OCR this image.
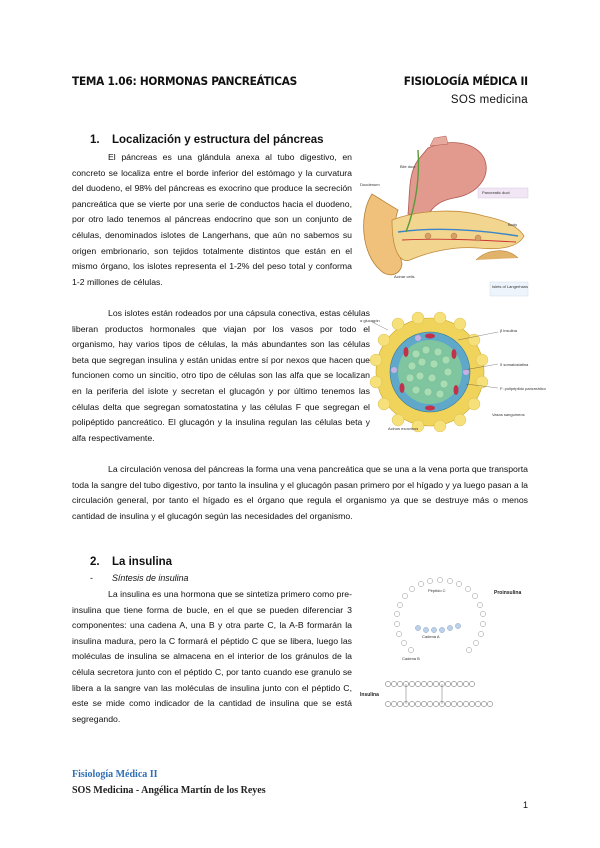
TEMA 1.06: HORMONAS PANCREÁTICAS	FISIOLOGÍA MÉDICA II
SOS medicina
1. Localización y estructura del páncreas

El páncreas es una glándula anexa al tubo digestivo, en concreto se localiza entre el borde inferior del estómago y la curvatura del duodeno, el 98% del páncreas es exocrino que produce la secreción pancreática que se vierte por una serie de conductos hacia el duodeno, por otro lado tenemos al páncreas endocrino que son un conjunto de células, denominados islotes de Langerhans, que aún no sabemos su origen embrionario, son tejidos totalmente distintos que están en el mismo órgano, los islotes representa el 1-2% del peso total y conforma 1-2 millones de células.

Los islotes están rodeados por una cápsula conectiva, estas células liberan productos hormonales que viajan por los vasos por todo el organismo, hay varios tipos de células, la más abundantes son las células beta que segregan insulina y están unidas entre sí por nexos que hacen que funcionen como un sincitio, otro tipo de células son las alfa que se localizan en la periferia del islote y secretan el glucagón y por último tenemos las células delta que segregan somatostatina y las células F que segregan el polipéptido pancreático. El glucagón y la insulina regulan las células beta y alfa respectivamente.

La circulación venosa del páncreas la forma una vena pancreática que se una a la vena porta que transporta toda la sangre del tubo digestivo, por tanto la insulina y el glucagón pasan primero por el hígado y ya luego pasan a la circulación general, por tanto el hígado es el órgano que regula el organismo ya que se destruye más o menos cantidad de insulina y el glucagón según las necesidades del organismo.

2. La insulina
- Síntesis de insulina

La insulina es una hormona que se sintetiza primero como pre-insulina que tiene forma de bucle, en el que se pueden diferenciar 3 componentes: una cadena A, una B y otra parte C, la A-B formarán la insulina madura, pero la C formará el péptido C que se libera, luego las moléculas de insulina se almacena en el interior de los gránulos de la célula secretora junto con el péptido C, por tanto cuando ese granulo se libera a la sangre van las moléculas de insulina junto con el péptido C, este se mide como indicador de la cantidad de insulina que se está segregando.

Bile duct
Duodenum
Acinar cells
Pancreatic duct
Islets of Langerhans
Body
α glucagón
β insulina
δ somatostatina
F: polipéptido pancreático
Acinos exocrinos
Vasos sanguíneos
Péptido C	Proinsulina
Cadena A
Cadena B
Insulina
Fisiología Médica II
SOS Medicina - Angélica Martín de los Reyes
1
